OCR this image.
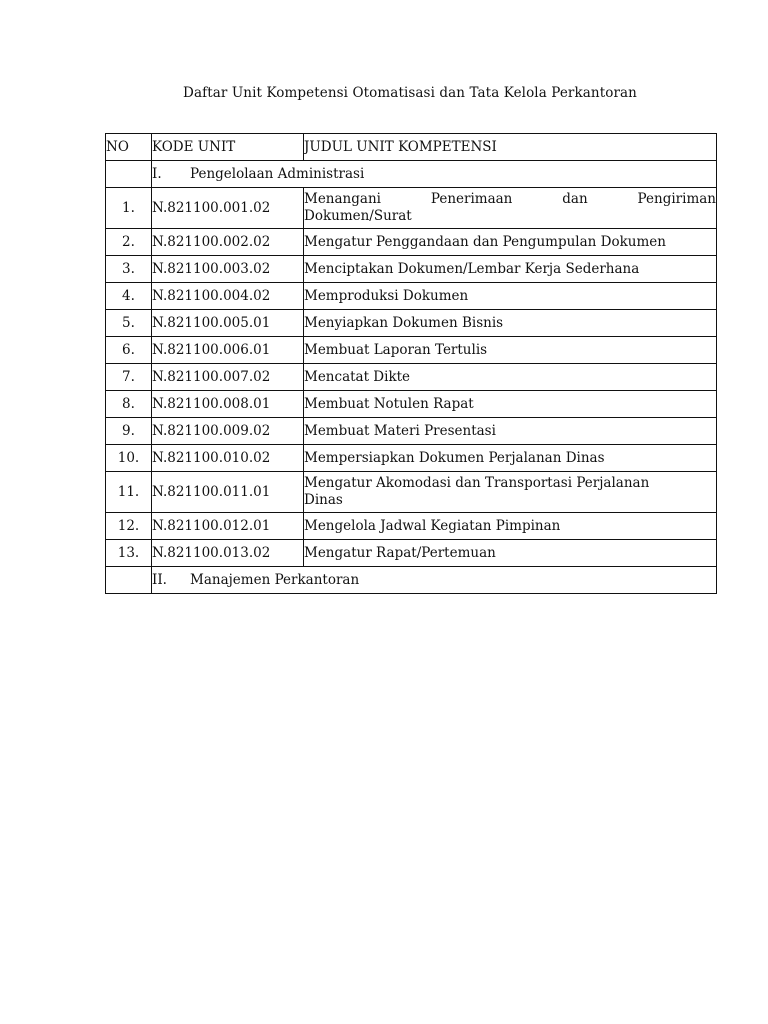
Daftar Unit Kompetensi Otomatisasi dan Tata Kelola Perkantoran
NO	KODE UNIT	JUDUL UNIT KOMPETENSI
	I. Pengelolaan Administrasi	
1.	N.821100.001.02	Menangani Penerimaan dan Pengiriman
Dokumen/Surat

2.	N.821100.002.02	Mengatur Penggandaan dan Pengumpulan Dokumen
3.	N.821100.003.02	Menciptakan Dokumen/Lembar Kerja Sederhana
4.	N.821100.004.02	Memproduksi Dokumen
5.	N.821100.005.01	Menyiapkan Dokumen Bisnis
6.	N.821100.006.01	Membuat Laporan Tertulis
7.	N.821100.007.02	Mencatat Dikte
8.	N.821100.008.01	Membuat Notulen Rapat
9.	N.821100.009.02	Membuat Materi Presentasi
10.	N.821100.010.02	Mempersiapkan Dokumen Perjalanan Dinas
11.	N.821100.011.01	Mengatur Akomodasi dan Transportasi Perjalanan
Dinas

12.	N.821100.012.01	Mengelola Jadwal Kegiatan Pimpinan
13.	N.821100.013.02	Mengatur Rapat/Pertemuan
	II. Manajemen Perkantoran	
